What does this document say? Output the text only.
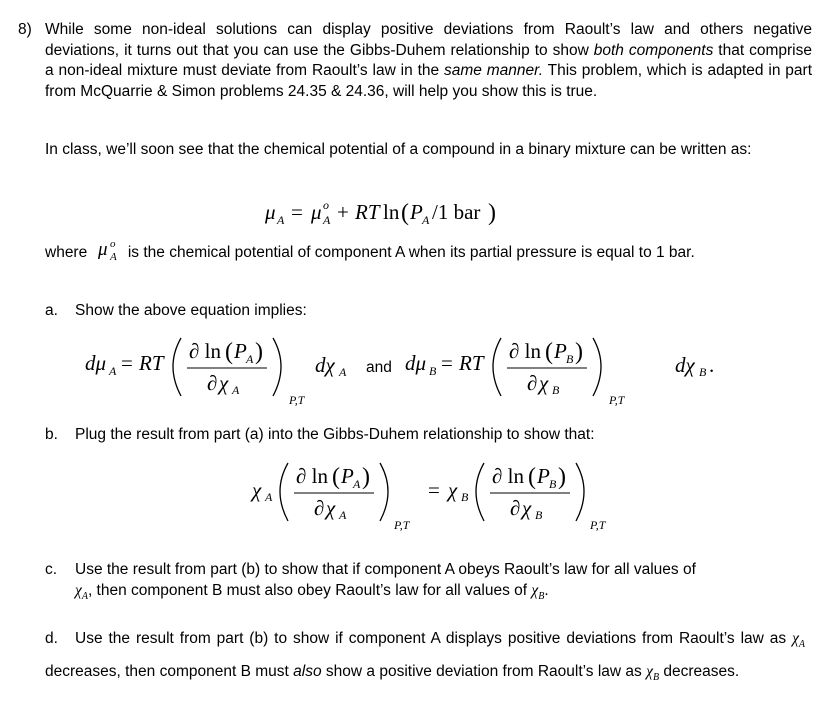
8) While some non-ideal solutions can display positive deviations from Raoult’s law and others negative deviations, it turns out that you can use the Gibbs-Duhem relationship to show both components that comprise a non-ideal mixture must deviate from Raoult’s law in the same manner. This problem, which is adapted in part from McQuarrie & Simon problems 24.35 & 24.36, will help you show this is true.
In class, we’ll soon see that the chemical potential of a compound in a binary mixture can be written as:
μ A = μ o
A + RT ln ( P A /1 bar )
where μ o
A is the chemical potential of component A when its partial pressure is equal to 1 bar.
a. Show the above equation implies:
dμ A = RT ∂ ln ( P A )
∂ χ A
P,T
dχ A and dμ B = RT ∂ ln ( P B )
∂ χ B
P,T
dχ B .
b. Plug the result from part (a) into the Gibbs-Duhem relationship to show that:
χ A
∂ ln ( P A )
∂ χ A
P,T
= χ B
∂ ln ( P B )
∂ χ B
P,T
c. Use the result from part (b) to show that if component A obeys Raoult’s law for all values of
$\chi_A$, then component B must also obey Raoult’s law for all values of $\chi_B$.
d. Use the result from part (b) to show if component A displays positive deviations from Raoult’s law as $\chi_A$ decreases, then component B must also show a positive deviation from Raoult’s law as $\chi_B$ decreases.
